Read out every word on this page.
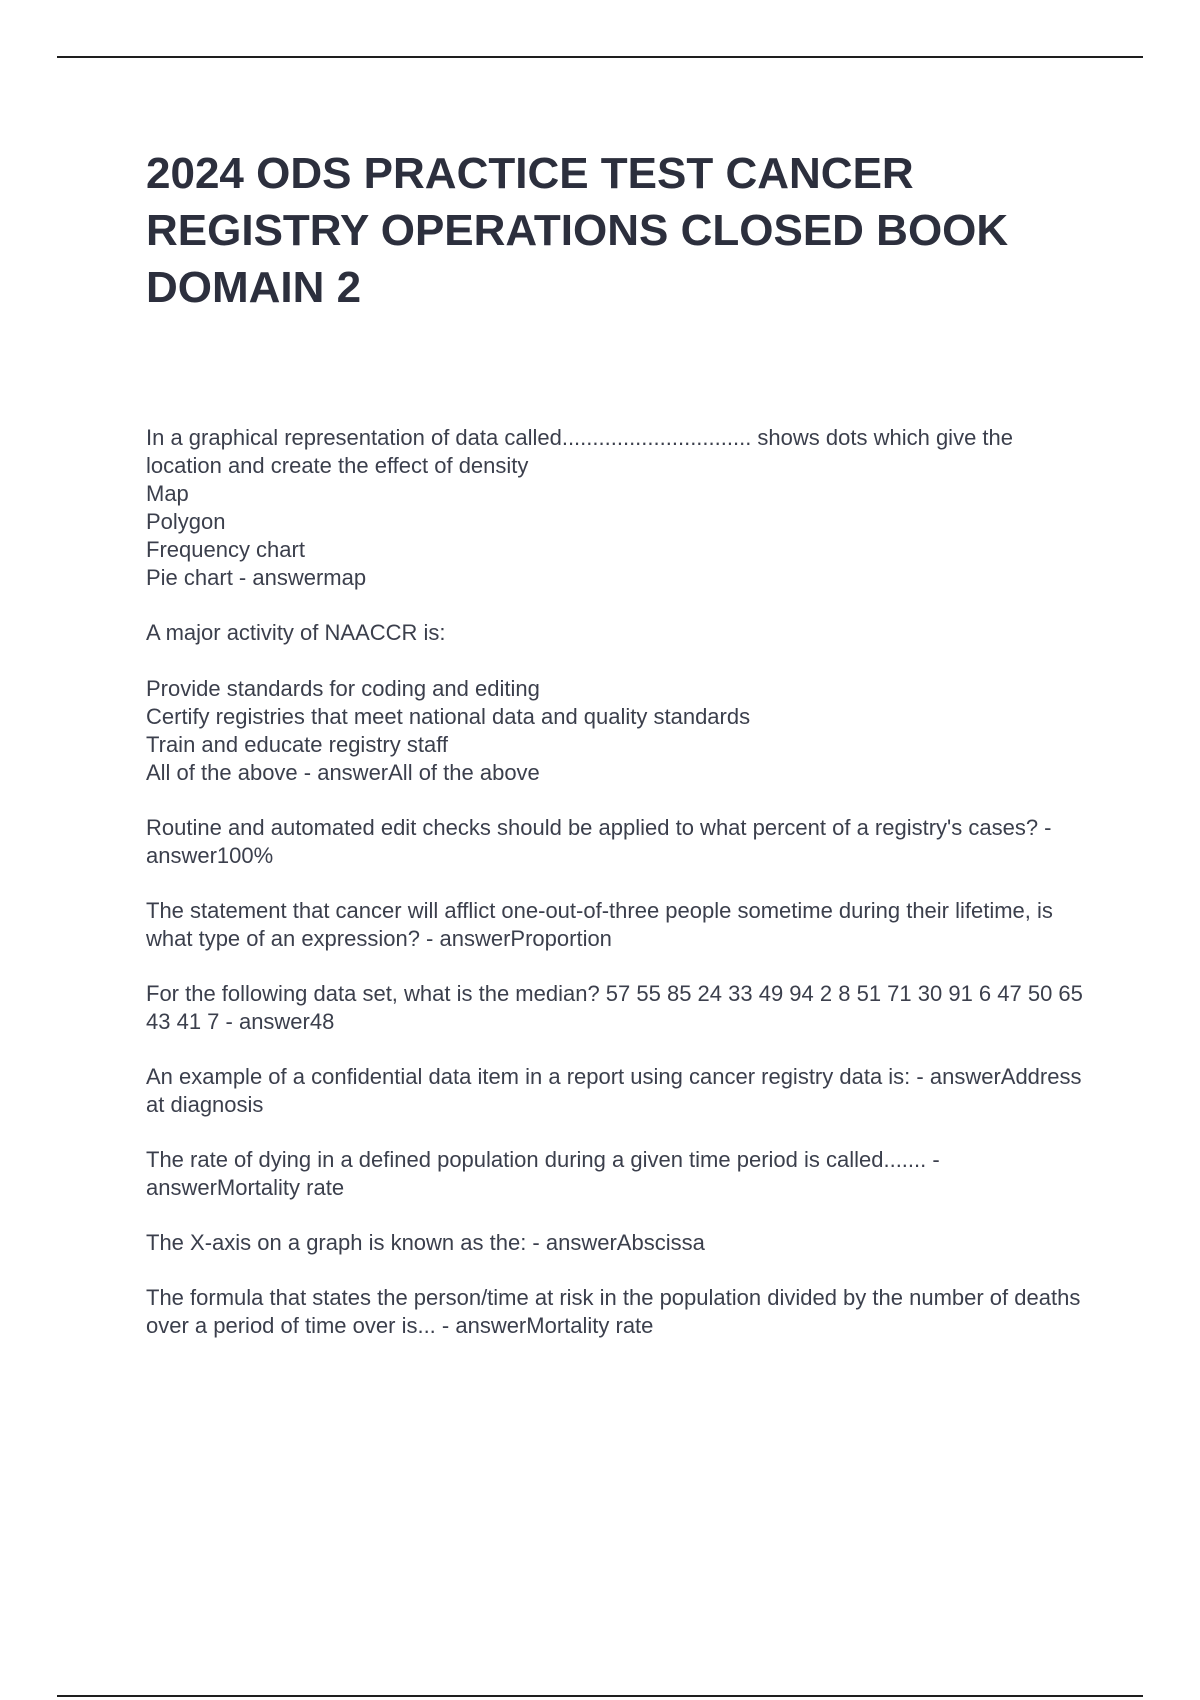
2024 ODS PRACTICE TEST CANCER REGISTRY OPERATIONS CLOSED BOOK DOMAIN 2
In a graphical representation of data called............................... shows dots which give the location and create the effect of density
Map
Polygon
Frequency chart
Pie chart - answermap
A major activity of NAACCR is:
Provide standards for coding and editing
Certify registries that meet national data and quality standards
Train and educate registry staff
All of the above - answerAll of the above
Routine and automated edit checks should be applied to what percent of a registry's cases? - answer100%
The statement that cancer will afflict one-out-of-three people sometime during their lifetime, is what type of an expression? - answerProportion
For the following data set, what is the median? 57 55 85 24 33 49 94 2 8 51 71 30 91 6 47 50 65 43 41 7 - answer48
An example of a confidential data item in a report using cancer registry data is: - answerAddress at diagnosis
The rate of dying in a defined population during a given time period is called....... - answerMortality rate
The X-axis on a graph is known as the: - answerAbscissa
The formula that states the person/time at risk in the population divided by the number of deaths over a period of time over is... - answerMortality rate
